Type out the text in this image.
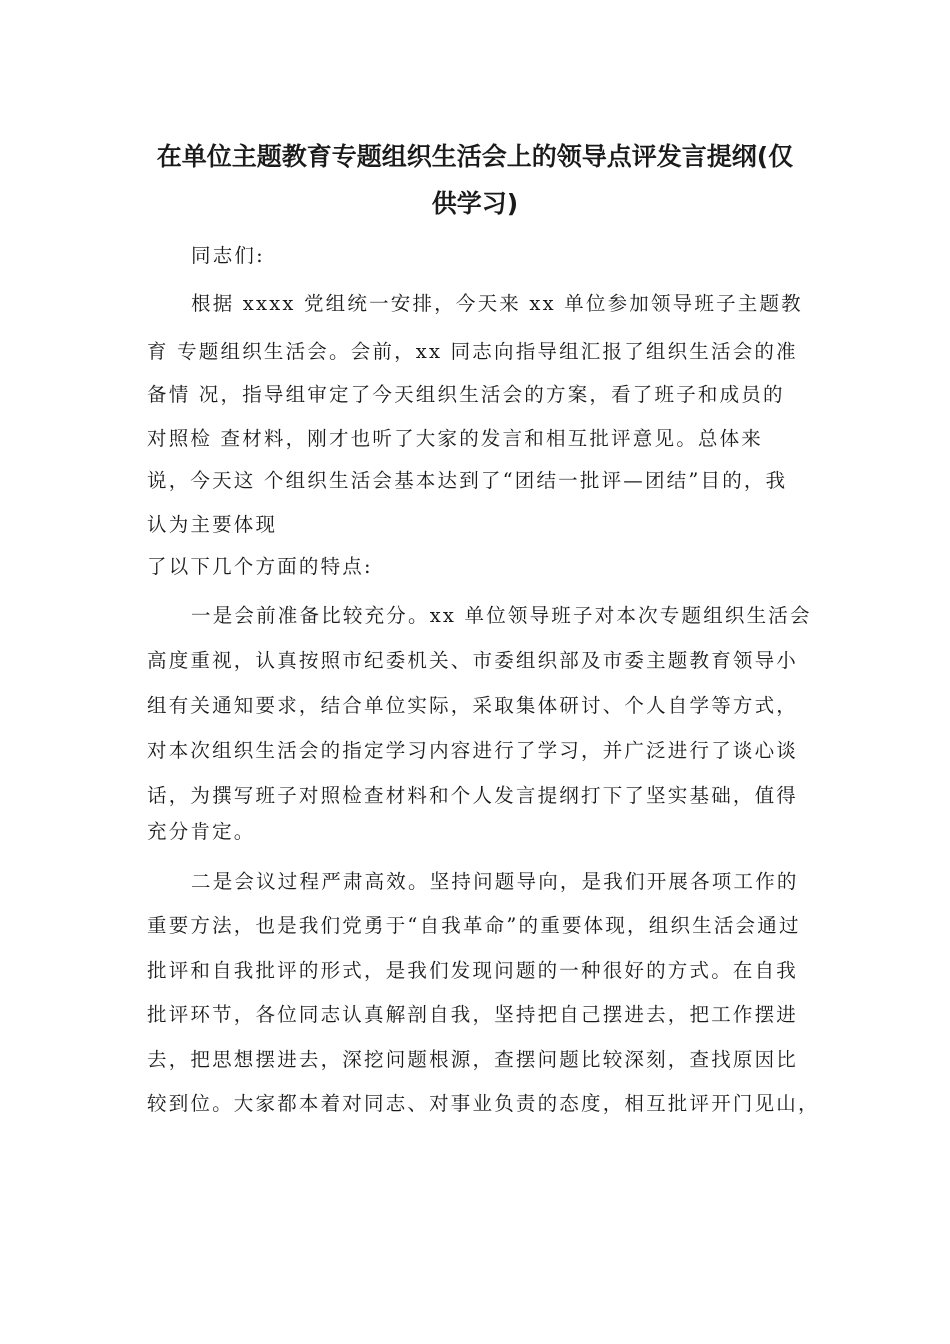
在单位主题教育专题组织生活会上的领导点评发言提纲(仅
供学习)

同志们:

根据 xxxx 党组统一安排，今天来 xx 单位参加领导班子主题教

育 专题组织生活会。会前，xx 同志向指导组汇报了组织生活会的准

备情 况，指导组审定了今天组织生活会的方案，看了班子和成员的

对照检 查材料，刚才也听了大家的发言和相互批评意见。总体来

说，今天这 个组织生活会基本达到了“团结一批评—团结”目的，我

认为主要体现

了以下几个方面的特点:

一是会前准备比较充分。xx 单位领导班子对本次专题组织生活会

高度重视，认真按照市纪委机关、市委组织部及市委主题教育领导小

组有关通知要求，结合单位实际，采取集体研讨、个人自学等方式，

对本次组织生活会的指定学习内容进行了学习，并广泛进行了谈心谈

话，为撰写班子对照检查材料和个人发言提纲打下了坚实基础，值得

充分肯定。

二是会议过程严肃高效。坚持问题导向，是我们开展各项工作的

重要方法，也是我们党勇于“自我革命”的重要体现，组织生活会通过

批评和自我批评的形式，是我们发现问题的一种很好的方式。在自我

批评环节，各位同志认真解剖自我，坚持把自己摆进去，把工作摆进

去，把思想摆进去，深挖问题根源，查摆问题比较深刻，查找原因比

较到位。大家都本着对同志、对事业负责的态度，相互批评开门见山，
